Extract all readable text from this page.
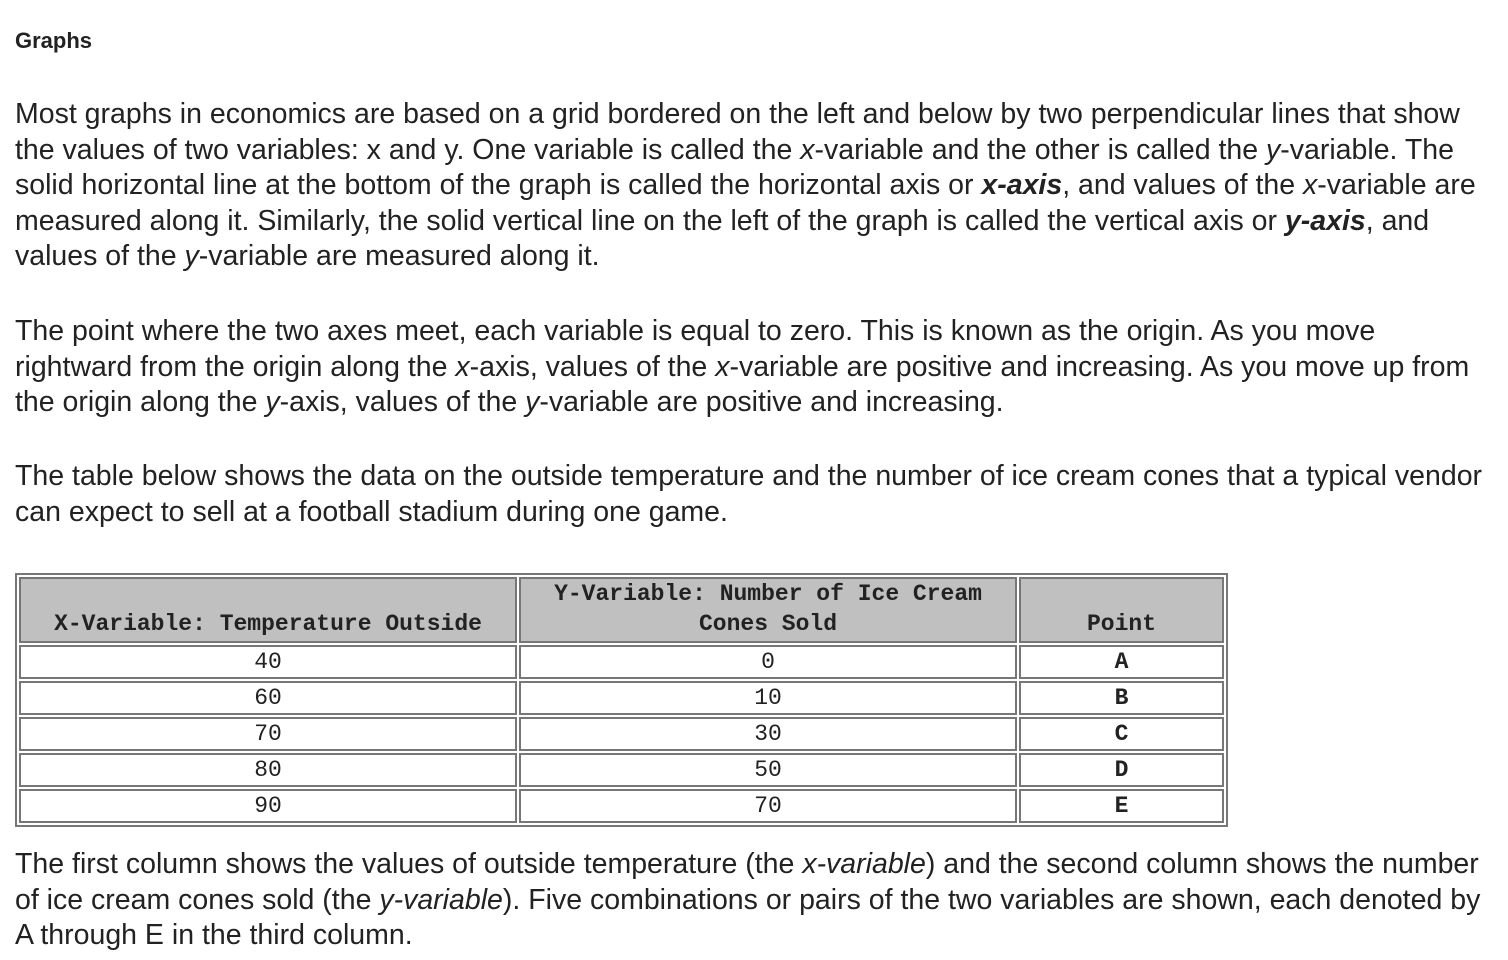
Graphs

Most graphs in economics are based on a grid bordered on the left and below by two perpendicular lines that show the values of two variables: x and y. One variable is called the x-variable and the other is called the y-variable. The solid horizontal line at the bottom of the graph is called the horizontal axis or x-axis, and values of the x-variable are measured along it. Similarly, the solid vertical line on the left of the graph is called the vertical axis or y-axis, and values of the y-variable are measured along it.

The point where the two axes meet, each variable is equal to zero. This is known as the origin. As you move rightward from the origin along the x-axis, values of the x-variable are positive and increasing. As you move up from the origin along the y-axis, values of the y-variable are positive and increasing.

The table below shows the data on the outside temperature and the number of ice cream cones that a typical vendor can expect to sell at a football stadium during one game.

X-Variable: Temperature Outside	Y-Variable: Number of Ice Cream Cones Sold	Point
40	0	A
60	10	B
70	30	C
80	50	D
90	70	E

The first column shows the values of outside temperature (the x-variable) and the second column shows the number of ice cream cones sold (the y-variable). Five combinations or pairs of the two variables are shown, each denoted by A through E in the third column.
